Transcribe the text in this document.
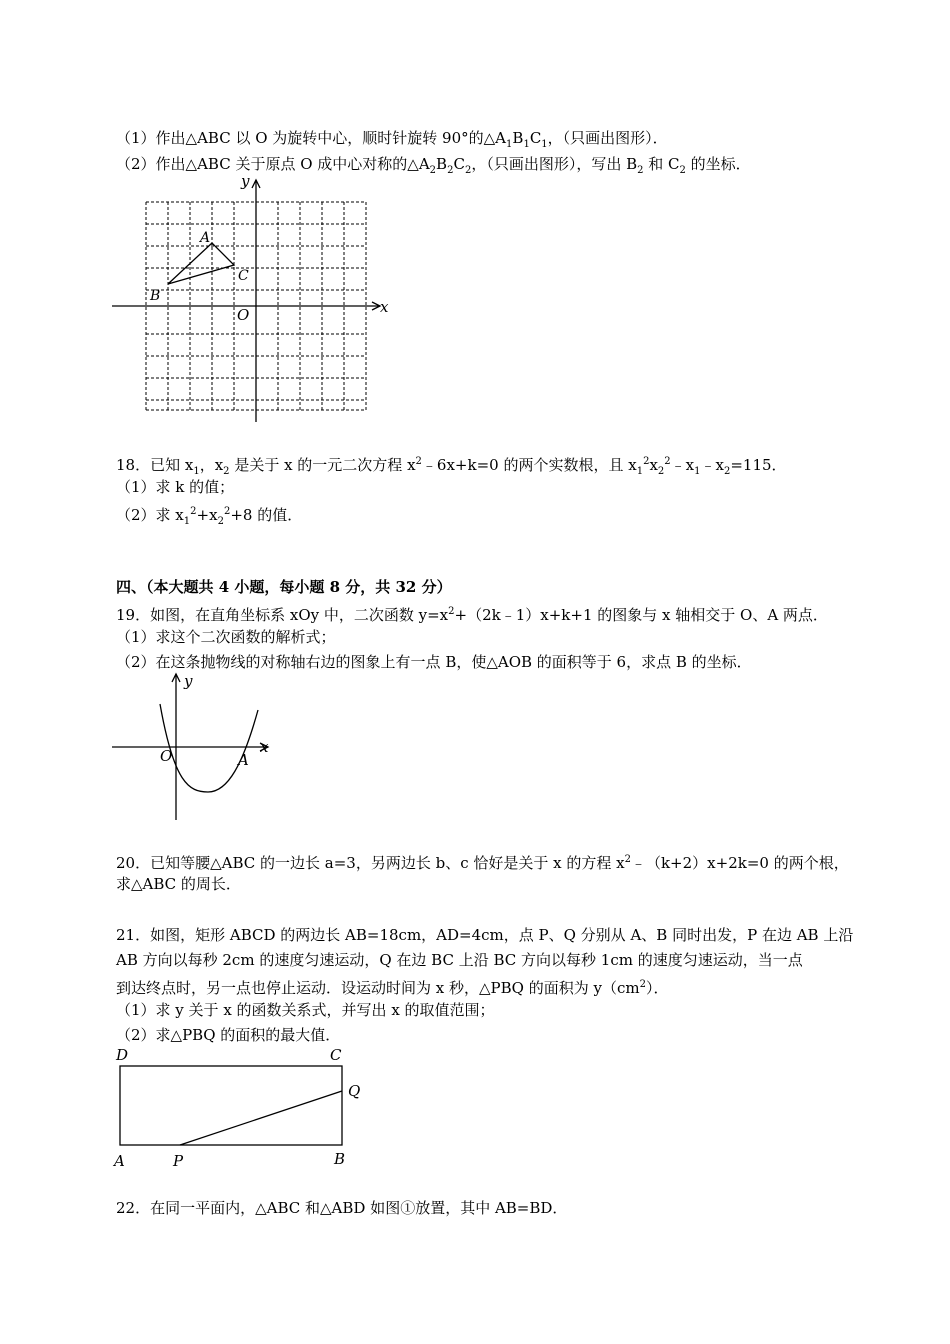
（1）作出△ABC 以 O 为旋转中心，顺时针旋转 90°的$\triangle A_1B_1C_1$，（只画出图形）．
（2）作出△ABC 关于原点 O 成中心对称的$\triangle A_2B_2C_2$，（只画出图形），写出 $B_2$ 和 $C_2$ 的坐标．
y
x
O
A
B
C
18．已知 $x_1$，$x_2$ 是关于 x 的一元二次方程 $x^2﹣6x+k=0$ 的两个实数根，且 $x_1^2x_2^2﹣x_1﹣x_2=115$．
（1）求 k 的值；
（2）求 $x_1^2+x_2^2+8$ 的值．
四、（本大题共 4 小题，每小题 8 分，共 32 分）
19．如图，在直角坐标系 xOy 中，二次函数 $y=x^2+(2k﹣1)x+k+1$ 的图象与 x 轴相交于 O、A 两点．
（1）求这个二次函数的解析式；
（2）在这条抛物线的对称轴右边的图象上有一点 B，使△AOB 的面积等于 6，求点 B 的坐标．
y
x
O	A
20．已知等腰△ABC 的一边长 a=3，另两边长 b、c 恰好是关于 x 的方程 $x^2﹣(k+2)x+2k=0$ 的两个根，
求△ABC 的周长．
21．如图，矩形 ABCD 的两边长 AB=18cm，AD=4cm，点 P、Q 分别从 A、B 同时出发，P 在边 AB 上沿
AB 方向以每秒 2cm 的速度匀速运动，Q 在边 BC 上沿 BC 方向以每秒 1cm 的速度匀速运动，当一点
到达终点时，另一点也停止运动．设运动时间为 x 秒，△PBQ 的面积为 $y(cm^2)$．
（1）求 y 关于 x 的函数关系式，并写出 x 的取值范围；
（2）求△PBQ 的面积的最大值．
D	C
Q
A	P	B
22．在同一平面内，△ABC 和△ABD 如图①放置，其中 AB=BD．
